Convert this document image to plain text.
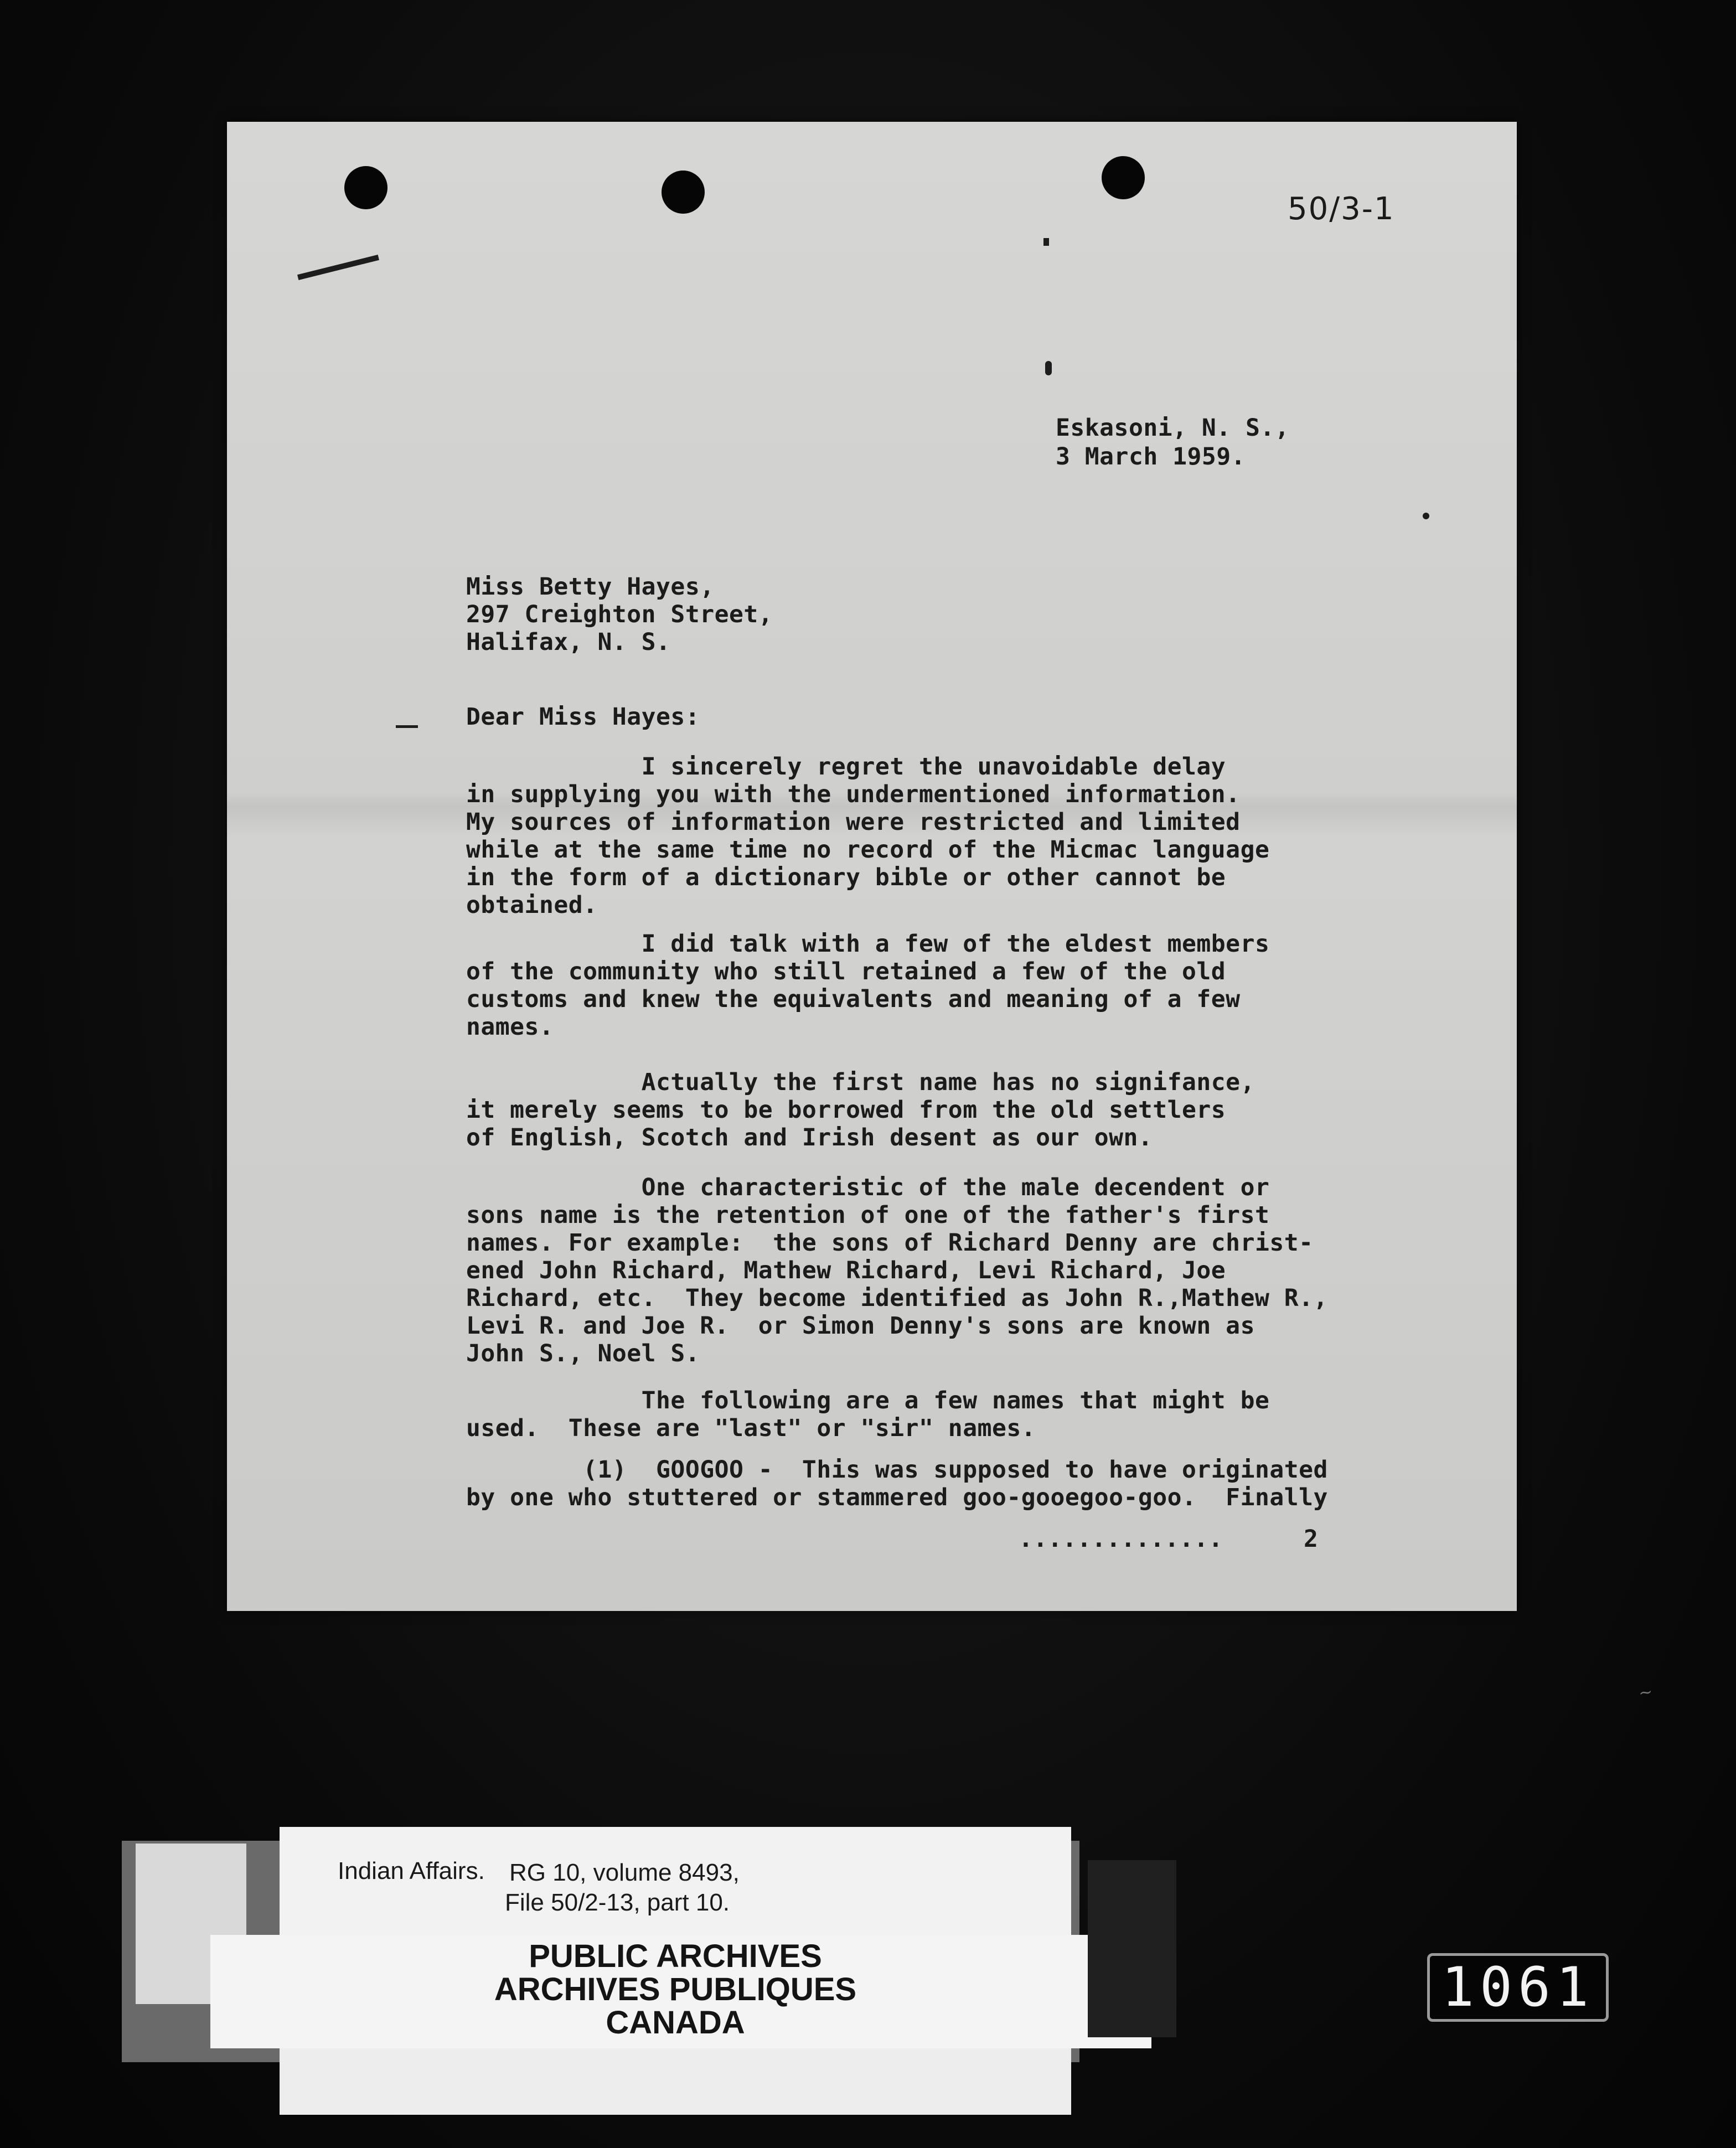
50/3-1
Eskasoni, N. S.,
3 March 1959.
Miss Betty Hayes,
297 Creighton Street,
Halifax, N. S.
Dear Miss Hayes:
I sincerely regret the unavoidable delay
in supplying you with the undermentioned information.
My sources of information were restricted and limited
while at the same time no record of the Micmac language
in the form of a dictionary bible or other cannot be
obtained.
I did talk with a few of the eldest members
of the community who still retained a few of the old
customs and knew the equivalents and meaning of a few
names.
Actually the first name has no signifance,
it merely seems to be borrowed from the old settlers
of English, Scotch and Irish desent as our own.
One characteristic of the male decendent or
sons name is the retention of one of the father's first
names. For example:  the sons of Richard Denny are christ-
ened John Richard, Mathew Richard, Levi Richard, Joe
Richard, etc.  They become identified as John R.,Mathew R.,
Levi R. and Joe R.  or Simon Denny's sons are known as
John S., Noel S.
The following are a few names that might be
used.  These are "last" or "sir" names.
(1)  GOOGOO -  This was supposed to have originated
by one who stuttered or stammered goo-gooegoo-goo.  Finally
..............	2
~
Indian Affairs. RG 10, volume 8493,
File 50/2-13, part 10.
PUBLIC ARCHIVES
ARCHIVES PUBLIQUES
CANADA
1061
